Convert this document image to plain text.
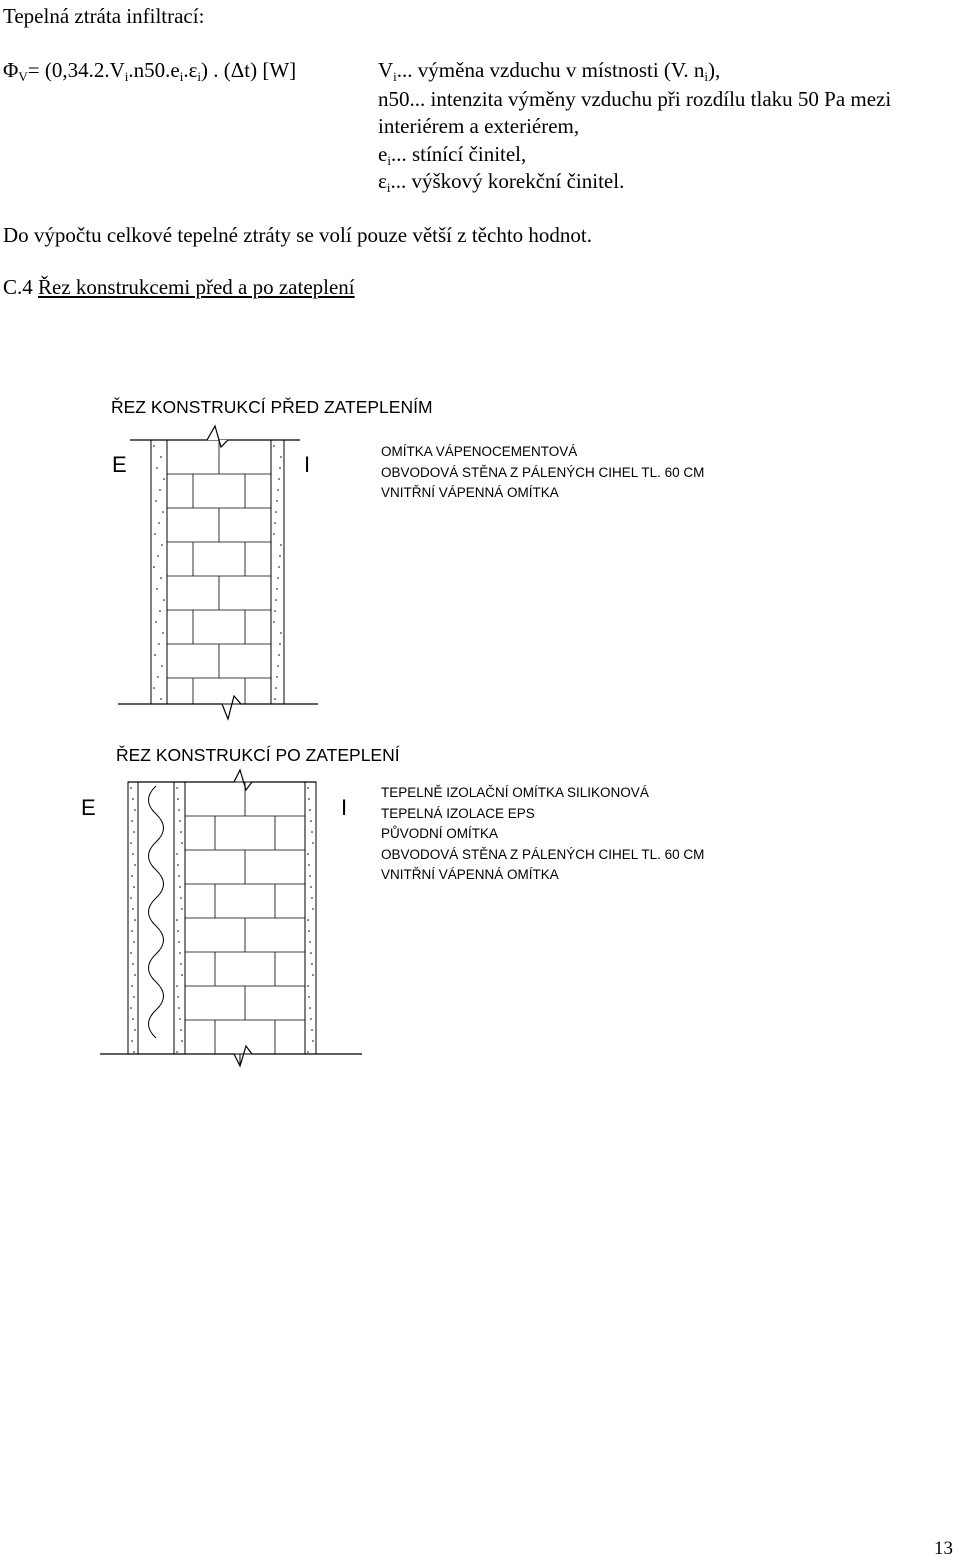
Tepelná ztráta infiltrací:
$\Phi_V= (0,34.2.V_i.n50.e_i.\varepsilon_i)$ . (Δt) [W]	$V_i$... výměna vzduchu v místnosti (V. $n_i$),
n50... intenzita výměny vzduchu při rozdílu tlaku 50 Pa mezi
interiérem a exteriérem,
$e_i$... stínící činitel,
$\varepsilon_i$... výškový korekční činitel.
Do výpočtu celkové tepelné ztráty se volí pouze větší z těchto hodnot.
C.4 Řez konstrukcemi před a po zateplení
ŘEZ KONSTRUKCÍ PŘED ZATEPLENÍM
E	I
OMÍTKA VÁPENOCEMENTOVÁ
OBVODOVÁ STĚNA Z PÁLENÝCH CIHEL TL. 60 CM
VNITŘNÍ VÁPENNÁ OMÍTKA
ŘEZ KONSTRUKCÍ PO ZATEPLENÍ
E	I
TEPELNĚ IZOLAČNÍ OMÍTKA SILIKONOVÁ
TEPELNÁ IZOLACE EPS
PŮVODNÍ OMÍTKA
OBVODOVÁ STĚNA Z PÁLENÝCH CIHEL TL. 60 CM
VNITŘNÍ VÁPENNÁ OMÍTKA
13
